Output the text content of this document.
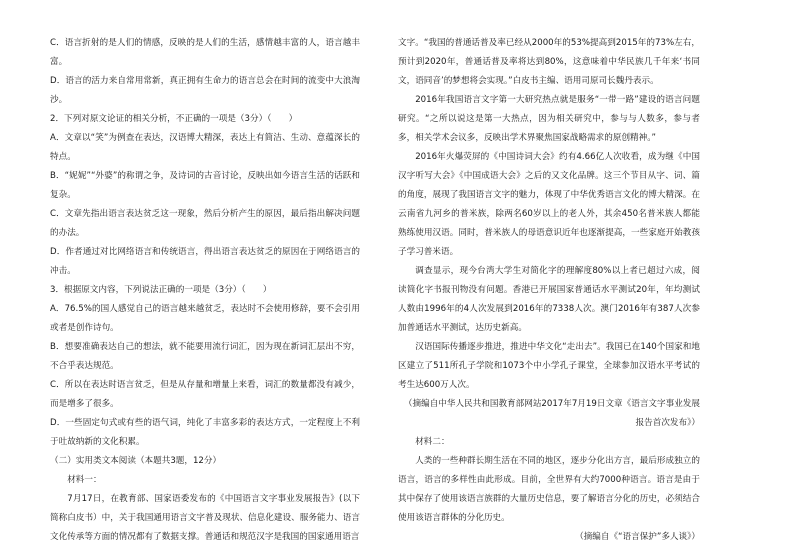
C．语言折射的是人们的情感，反映的是人们的生活，感情越丰富的人，语言越丰富。

D．语言的活力来自常用常新，真正拥有生命力的语言总会在时间的流变中大浪淘沙。

2．下列对原文论证的相关分析，不正确的一项是（3分）（　　）

A．文章以“笑”为例查在表达，汉语博大精深，表达上有简洁、生动、意蕴深长的特点。

B．“妮妮”“外婆”的称谓之争，及诗词的古音讨论，反映出如今语言生活的话跃和复杂。

C．文章先指出语言表达贫乏这一现象，然后分析产生的原因，最后指出解决问题的办法。

D．作者通过对比网络语言和传统语言，得出语言表达贫乏的原因在于网络语言的冲击。

3．根据原文内容，下列说法正确的一项是（3分）（　　）

A．76.5%的国人感觉自己的语言越来越贫乏，表达时不会使用修辞，要不会引用或者是创作诗句。

B．想要准确表达自己的想法，就不能要用流行词汇，因为现在新词汇层出不穷，不合乎表达规范。

C．所以在表达时语言贫乏，但是从存量和增量上来看，词汇的数量都没有减少，而是增多了很多。

D．一些固定句式或有些的语气词，纯化了丰富多彩的表达方式，一定程度上不利于吐故纳新的文化积累。

（二）实用类文本阅读（本题共3题，12分）

材料一：

7月17日，在教育部、国家语委发布的《中国语言文字事业发展报告》(以下简称白皮书）中，关于我国通用语言文字普及现状、信息化建设、服务能力、语言文化传承等方面的情况都有了数据支撑。普通话和规范汉字是我国的国家通用语言

文字。“我国的普通话普及率已经从2000年的53%提高到2015年的73%左右，预计到2020年，普通话普及率将达到80%，这意味着中华民族几千年来‘书同文，语同音’的梦想将会实现。”白皮书主编、语用司原司长魏丹表示。

2016年我国语言文字第一大研究热点就是服务“一带一路”建设的语言问题研究。“之所以说这是第一大热点，因为相关研究中，参与与人数多，参与者多，相关学术会议多，反映出学术界聚焦国家战略需求的原创精神。”

2016年火爆荧屏的《中国诗词大会》约有4.66亿人次收看，成为继《中国汉字听写大会》《中国成语大会》之后的又文化品牌。这三个节目从字、词、篇的角度，展现了我国语言文字的魅力，体现了中华优秀语言文化的博大精深。在云南省九河乡的普米族，除两名60岁以上的老人外，其余450名普米族人都能熟练使用汉语。同时，普米族人的母语意识近年也逐渐提高，一些家庭开始教孩子学习普米语。

调查显示，现今台湾大学生对简化字的理解度80%以上者已超过六成，阅读简化字书报刊物没有问题。香港已开展国家普通话水平测试20年，年均测试人数由1996年的4人次发展到2016年的7338人次。澳门2016年有387人次参加普通话水平测试，达历史新高。

汉语国际传播逐步推进，推进中华文化“走出去”。我国已在140个国家和地区建立了511所孔子学院和1073个中小学孔子课堂，全球参加汉语水平考试的考生达600万人次。

（摘编自中华人民共和国教育部网站2017年7月19日文章《语言文字事业发展报告首次发布》）

材料二：

人类的一些种群长期生活在不同的地区，逐步分化出方言，最后形成独立的语言，语言的多样性由此形成。目前，全世界有大约7000种语言。语言是由于其中保存了使用该语言族群的大量历史信息，要了解语言分化的历史，必须结合使用该语言群体的分化历史。

（摘编自《“语言保护”多人谈》）
